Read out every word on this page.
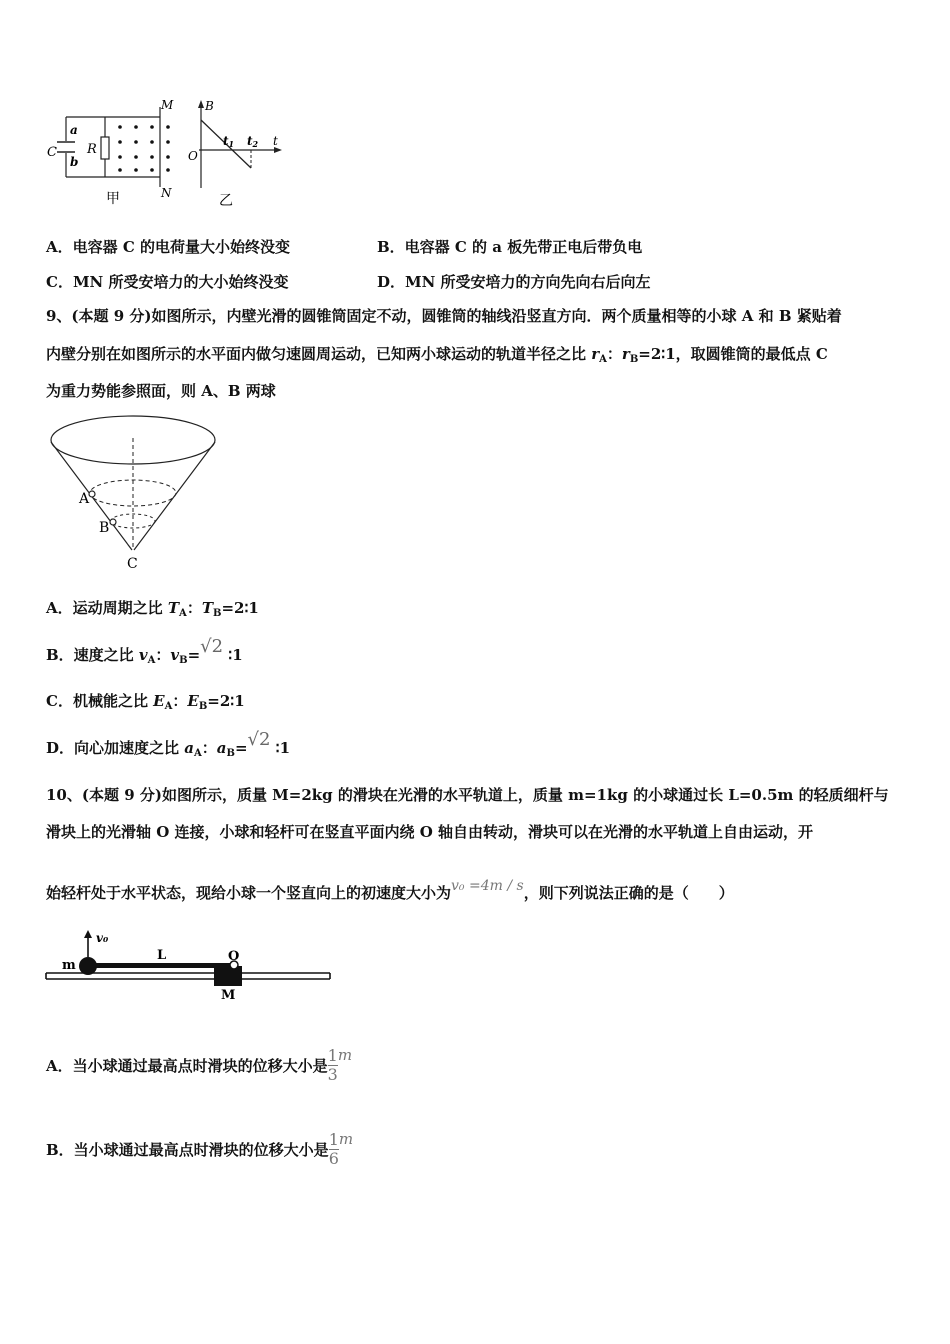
C
a
b
R
M
N
甲
B
O
t1 t2 t
乙
A．电容器 C 的电荷量大小始终没变	B．电容器 C 的 a 板先带正电后带负电
C．MN 所受安培力的大小始终没变	D．MN 所受安培力的方向先向右后向左
9、(本题 9 分)如图所示，内壁光滑的圆锥筒固定不动，圆锥筒的轴线沿竖直方向．两个质量相等的小球 A 和 B 紧贴着
内壁分别在如图所示的水平面内做匀速圆周运动，已知两小球运动的轨道半径之比 $r_A$：$r_B=2∶1$，取圆锥筒的最低点 C
为重力势能参照面，则 A、B 两球
A
B
C
A．运动周期之比 $T_A$：$T_B=2∶1$
B．速度之比 $v_A$：$v_B=√2$ ∶1
C．机械能之比 $E_A$：$E_B=2∶1$
D．向心加速度之比 $a_A$：$a_B=√2$ ∶1
10、(本题 9 分)如图所示，质量 M=2kg 的滑块在光滑的水平轨道上，质量 m=1kg 的小球通过长 L=0.5m 的轻质细杆与
滑块上的光滑轴 O 连接，小球和轻杆可在竖直平面内绕 O 轴自由转动，滑块可以在光滑的水平轨道上自由运动，开
始轻杆处于水平状态，现给小球一个竖直向上的初速度大小为v₀ =4m / s，则下列说法正确的是（　　）
m
v₀
L	O
M
A．当小球通过最高点时滑块的位移大小是 $\frac{1}{3}$ m
B．当小球通过最高点时滑块的位移大小是 $\frac{1}{6}$ m
